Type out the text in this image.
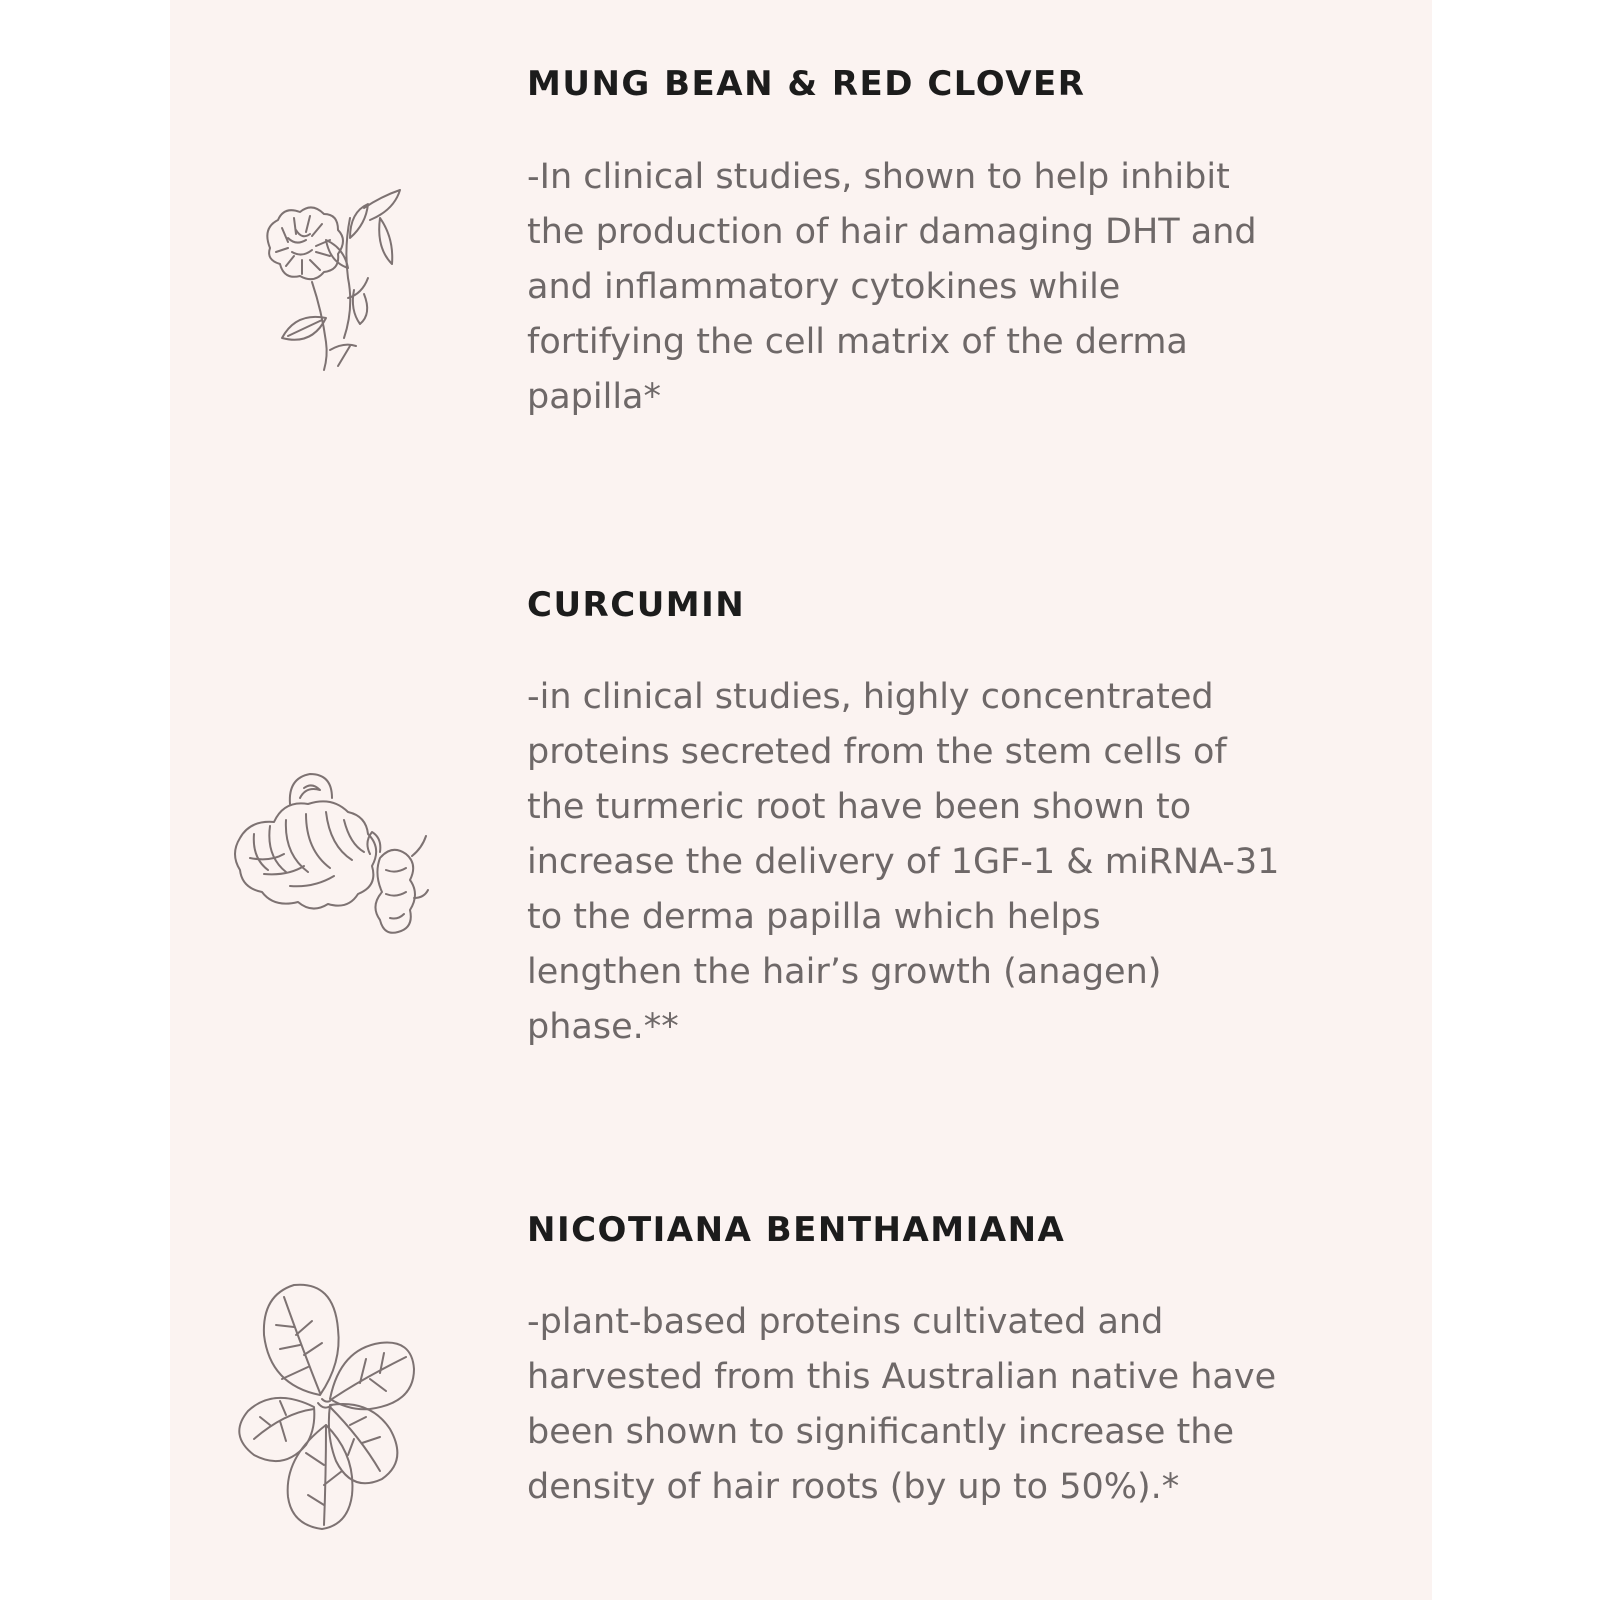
MUNG BEAN & RED CLOVER

-In clinical studies, shown to help inhibit
the production of hair damaging DHT and
and inflammatory cytokines while
fortifying the cell matrix of the derma
papilla*

CURCUMIN

-in clinical studies, highly concentrated
proteins secreted from the stem cells of
the turmeric root have been shown to
increase the delivery of 1GF-1 & miRNA-31
to the derma papilla which helps
lengthen the hair’s growth (anagen)
phase.**

NICOTIANA BENTHAMIANA

-plant-based proteins cultivated and
harvested from this Australian native have
been shown to significantly increase the
density of hair roots (by up to 50%).*
